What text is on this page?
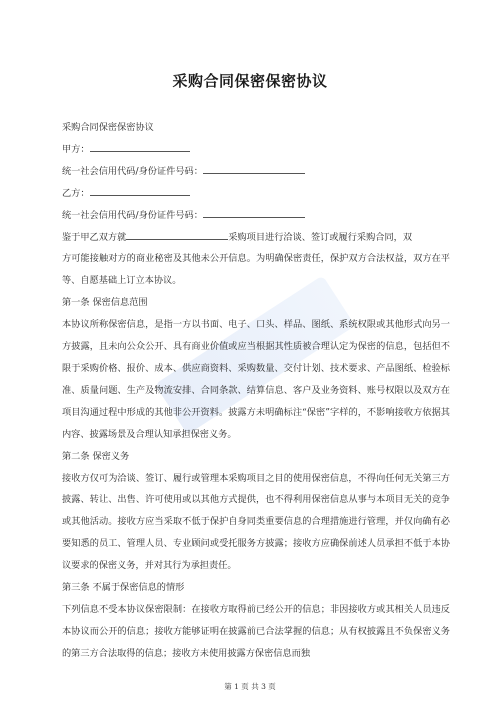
采购合同保密保密协议
采购合同保密保密协议
甲方：
统一社会信用代码/身份证件号码：
乙方：
统一社会信用代码/身份证件号码：
鉴于甲乙双方就	采购项目进行洽谈、签订或履行采购合同，双
方可能接触对方的商业秘密及其他未公开信息。为明确保密责任，保护双方合法权益，双方在平等、自愿基础上订立本协议。
第一条 保密信息范围
本协议所称保密信息，是指一方以书面、电子、口头、样品、图纸、系统权限或其他形式向另一方披露，且未向公众公开、具有商业价值或应当根据其性质被合理认定为保密的信息，包括但不限于采购价格、报价、成本、供应商资料、采购数量、交付计划、技术要求、产品图纸、检验标准、质量问题、生产及物流安排、合同条款、结算信息、客户及业务资料、账号权限以及双方在项目沟通过程中形成的其他非公开资料。披露方未明确标注“保密”字样的，不影响接收方依据其内容、披露场景及合理认知承担保密义务。
第二条 保密义务
接收方仅可为洽谈、签订、履行或管理本采购项目之目的使用保密信息，不得向任何无关第三方披露、转让、出售、许可使用或以其他方式提供，也不得利用保密信息从事与本项目无关的竞争或其他活动。接收方应当采取不低于保护自身同类重要信息的合理措施进行管理，并仅向确有必要知悉的员工、管理人员、专业顾问或受托服务方披露；接收方应确保前述人员承担不低于本协议要求的保密义务，并对其行为承担责任。
第三条 不属于保密信息的情形
下列信息不受本协议保密限制：在接收方取得前已经公开的信息；非因接收方或其相关人员违反本协议而公开的信息；接收方能够证明在披露前已合法掌握的信息；从有权披露且不负保密义务的第三方合法取得的信息；接收方未使用披露方保密信息而独
第 1 页 共 3 页
